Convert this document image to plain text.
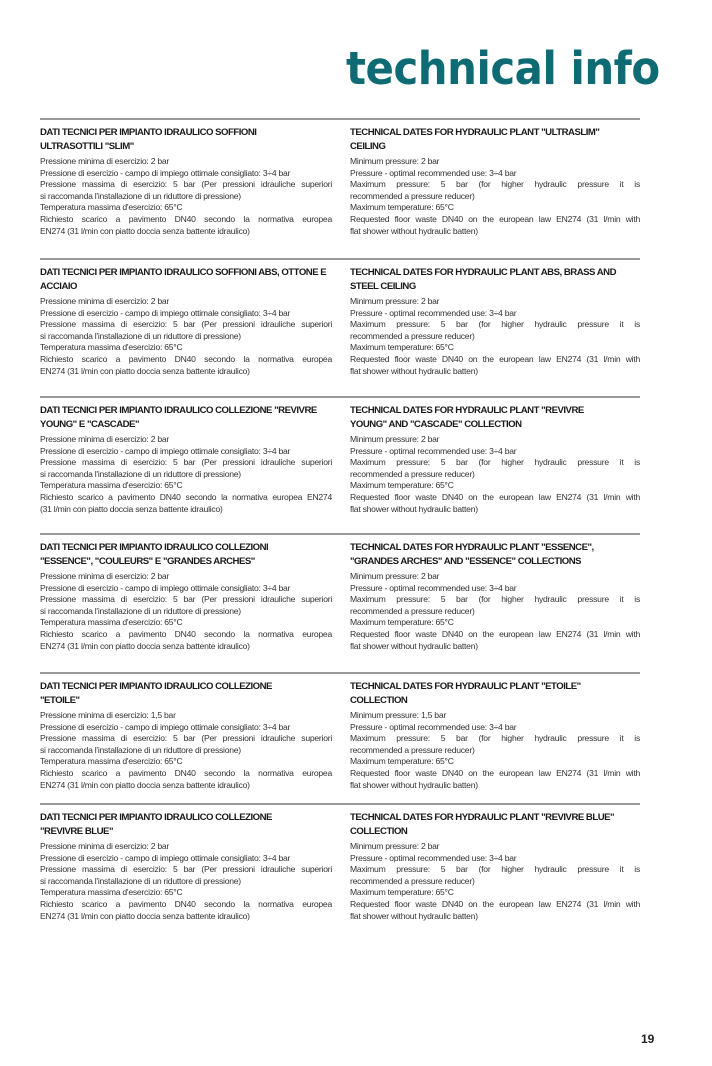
technical info
DATI TECNICI PER IMPIANTO IDRAULICO SOFFIONI
ULTRASOTTILI "SLIM"
Pressione minima di esercizio: 2 bar
Pressione di esercizio - campo di impiego ottimale consigliato: 3÷4 bar
Pressione massima di esercizio: 5 bar (Per pressioni idrauliche superiori
si raccomanda l'installazione di un riduttore di pressione)
Temperatura massima d'esercizio: 65°C
Richiesto scarico a pavimento DN40 secondo la normativa europea
EN274 (31 l/min con piatto doccia senza battente idraulico)
TECHNICAL DATES FOR HYDRAULIC PLANT "ULTRASLIM"
CEILING
Minimum pressure: 2 bar
Pressure - optimal recommended use: 3÷4 bar
Maximum pressure: 5 bar (for higher hydraulic pressure it is
recommended a pressure reducer)
Maximum temperature: 65°C
Requested floor waste DN40 on the european law EN274 (31 l/min with
flat shower without hydraulic batten)
DATI TECNICI PER IMPIANTO IDRAULICO SOFFIONI ABS, OTTONE E
ACCIAIO
Pressione minima di esercizio: 2 bar
Pressione di esercizio - campo di impiego ottimale consigliato: 3÷4 bar
Pressione massima di esercizio: 5 bar (Per pressioni idrauliche superiori
si raccomanda l'installazione di un riduttore di pressione)
Temperatura massima d'esercizio: 65°C
Richiesto scarico a pavimento DN40 secondo la normativa europea
EN274 (31 l/min con piatto doccia senza battente idraulico)
TECHNICAL DATES FOR HYDRAULIC PLANT ABS, BRASS AND
STEEL CEILING
Minimum pressure: 2 bar
Pressure - optimal recommended use: 3÷4 bar
Maximum pressure: 5 bar (for higher hydraulic pressure it is
recommended a pressure reducer)
Maximum temperature: 65°C
Requested floor waste DN40 on the european law EN274 (31 l/min with
flat shower without hydraulic batten)
DATI TECNICI PER IMPIANTO IDRAULICO COLLEZIONE "REVIVRE
YOUNG" E "CASCADE"
Pressione minima di esercizio: 2 bar
Pressione di esercizio - campo di impiego ottimale consigliato: 3÷4 bar
Pressione massima di esercizio: 5 bar (Per pressioni idrauliche superiori
si raccomanda l'installazione di un riduttore di pressione)
Temperatura massima d'esercizio: 65°C
Richiesto scarico a pavimento DN40 secondo la normativa europea EN274
(31 l/min con piatto doccia senza battente idraulico)
TECHNICAL DATES FOR HYDRAULIC PLANT "REVIVRE
YOUNG" AND "CASCADE" COLLECTION
Minimum pressure: 2 bar
Pressure - optimal recommended use: 3÷4 bar
Maximum pressure: 5 bar (for higher hydraulic pressure it is
recommended a pressure reducer)
Maximum temperature: 65°C
Requested floor waste DN40 on the european law EN274 (31 l/min with
flat shower without hydraulic batten)
DATI TECNICI PER IMPIANTO IDRAULICO COLLEZIONI
"ESSENCE", "COULEURS" E "GRANDES ARCHES"
Pressione minima di esercizio: 2 bar
Pressione di esercizio - campo di impiego ottimale consigliato: 3÷4 bar
Pressione massima di esercizio: 5 bar (Per pressioni idrauliche superiori
si raccomanda l'installazione di un riduttore di pressione)
Temperatura massima d'esercizio: 65°C
Richiesto scarico a pavimento DN40 secondo la normativa europea
EN274 (31 l/min con piatto doccia senza battente idraulico)
TECHNICAL DATES FOR HYDRAULIC PLANT "ESSENCE",
"GRANDES ARCHES" AND "ESSENCE" COLLECTIONS
Minimum pressure: 2 bar
Pressure - optimal recommended use: 3÷4 bar
Maximum pressure: 5 bar (for higher hydraulic pressure it is
recommended a pressure reducer)
Maximum temperature: 65°C
Requested floor waste DN40 on the european law EN274 (31 l/min with
flat shower without hydraulic batten)
DATI TECNICI PER IMPIANTO IDRAULICO COLLEZIONE
"ETOILE"
Pressione minima di esercizio: 1,5 bar
Pressione di esercizio - campo di impiego ottimale consigliato: 3÷4 bar
Pressione massima di esercizio: 5 bar (Per pressioni idrauliche superiori
si raccomanda l'installazione di un riduttore di pressione)
Temperatura massima d'esercizio: 65°C
Richiesto scarico a pavimento DN40 secondo la normativa europea
EN274 (31 l/min con piatto doccia senza battente idraulico)
TECHNICAL DATES FOR HYDRAULIC PLANT "ETOILE"
COLLECTION
Minimum pressure: 1,5 bar
Pressure - optimal recommended use: 3÷4 bar
Maximum pressure: 5 bar (for higher hydraulic pressure it is
recommended a pressure reducer)
Maximum temperature: 65°C
Requested floor waste DN40 on the european law EN274 (31 l/min with
flat shower without hydraulic batten)
DATI TECNICI PER IMPIANTO IDRAULICO COLLEZIONE
"REVIVRE BLUE"
Pressione minima di esercizio: 2 bar
Pressione di esercizio - campo di impiego ottimale consigliato: 3÷4 bar
Pressione massima di esercizio: 5 bar (Per pressioni idrauliche superiori
si raccomanda l'installazione di un riduttore di pressione)
Temperatura massima d'esercizio: 65°C
Richiesto scarico a pavimento DN40 secondo la normativa europea
EN274 (31 l/min con piatto doccia senza battente idraulico)
TECHNICAL DATES FOR HYDRAULIC PLANT "REVIVRE BLUE"
COLLECTION
Minimum pressure: 2 bar
Pressure - optimal recommended use: 3÷4 bar
Maximum pressure: 5 bar (for higher hydraulic pressure it is
recommended a pressure reducer)
Maximum temperature: 65°C
Requested floor waste DN40 on the european law EN274 (31 l/min with
flat shower without hydraulic batten)
19
